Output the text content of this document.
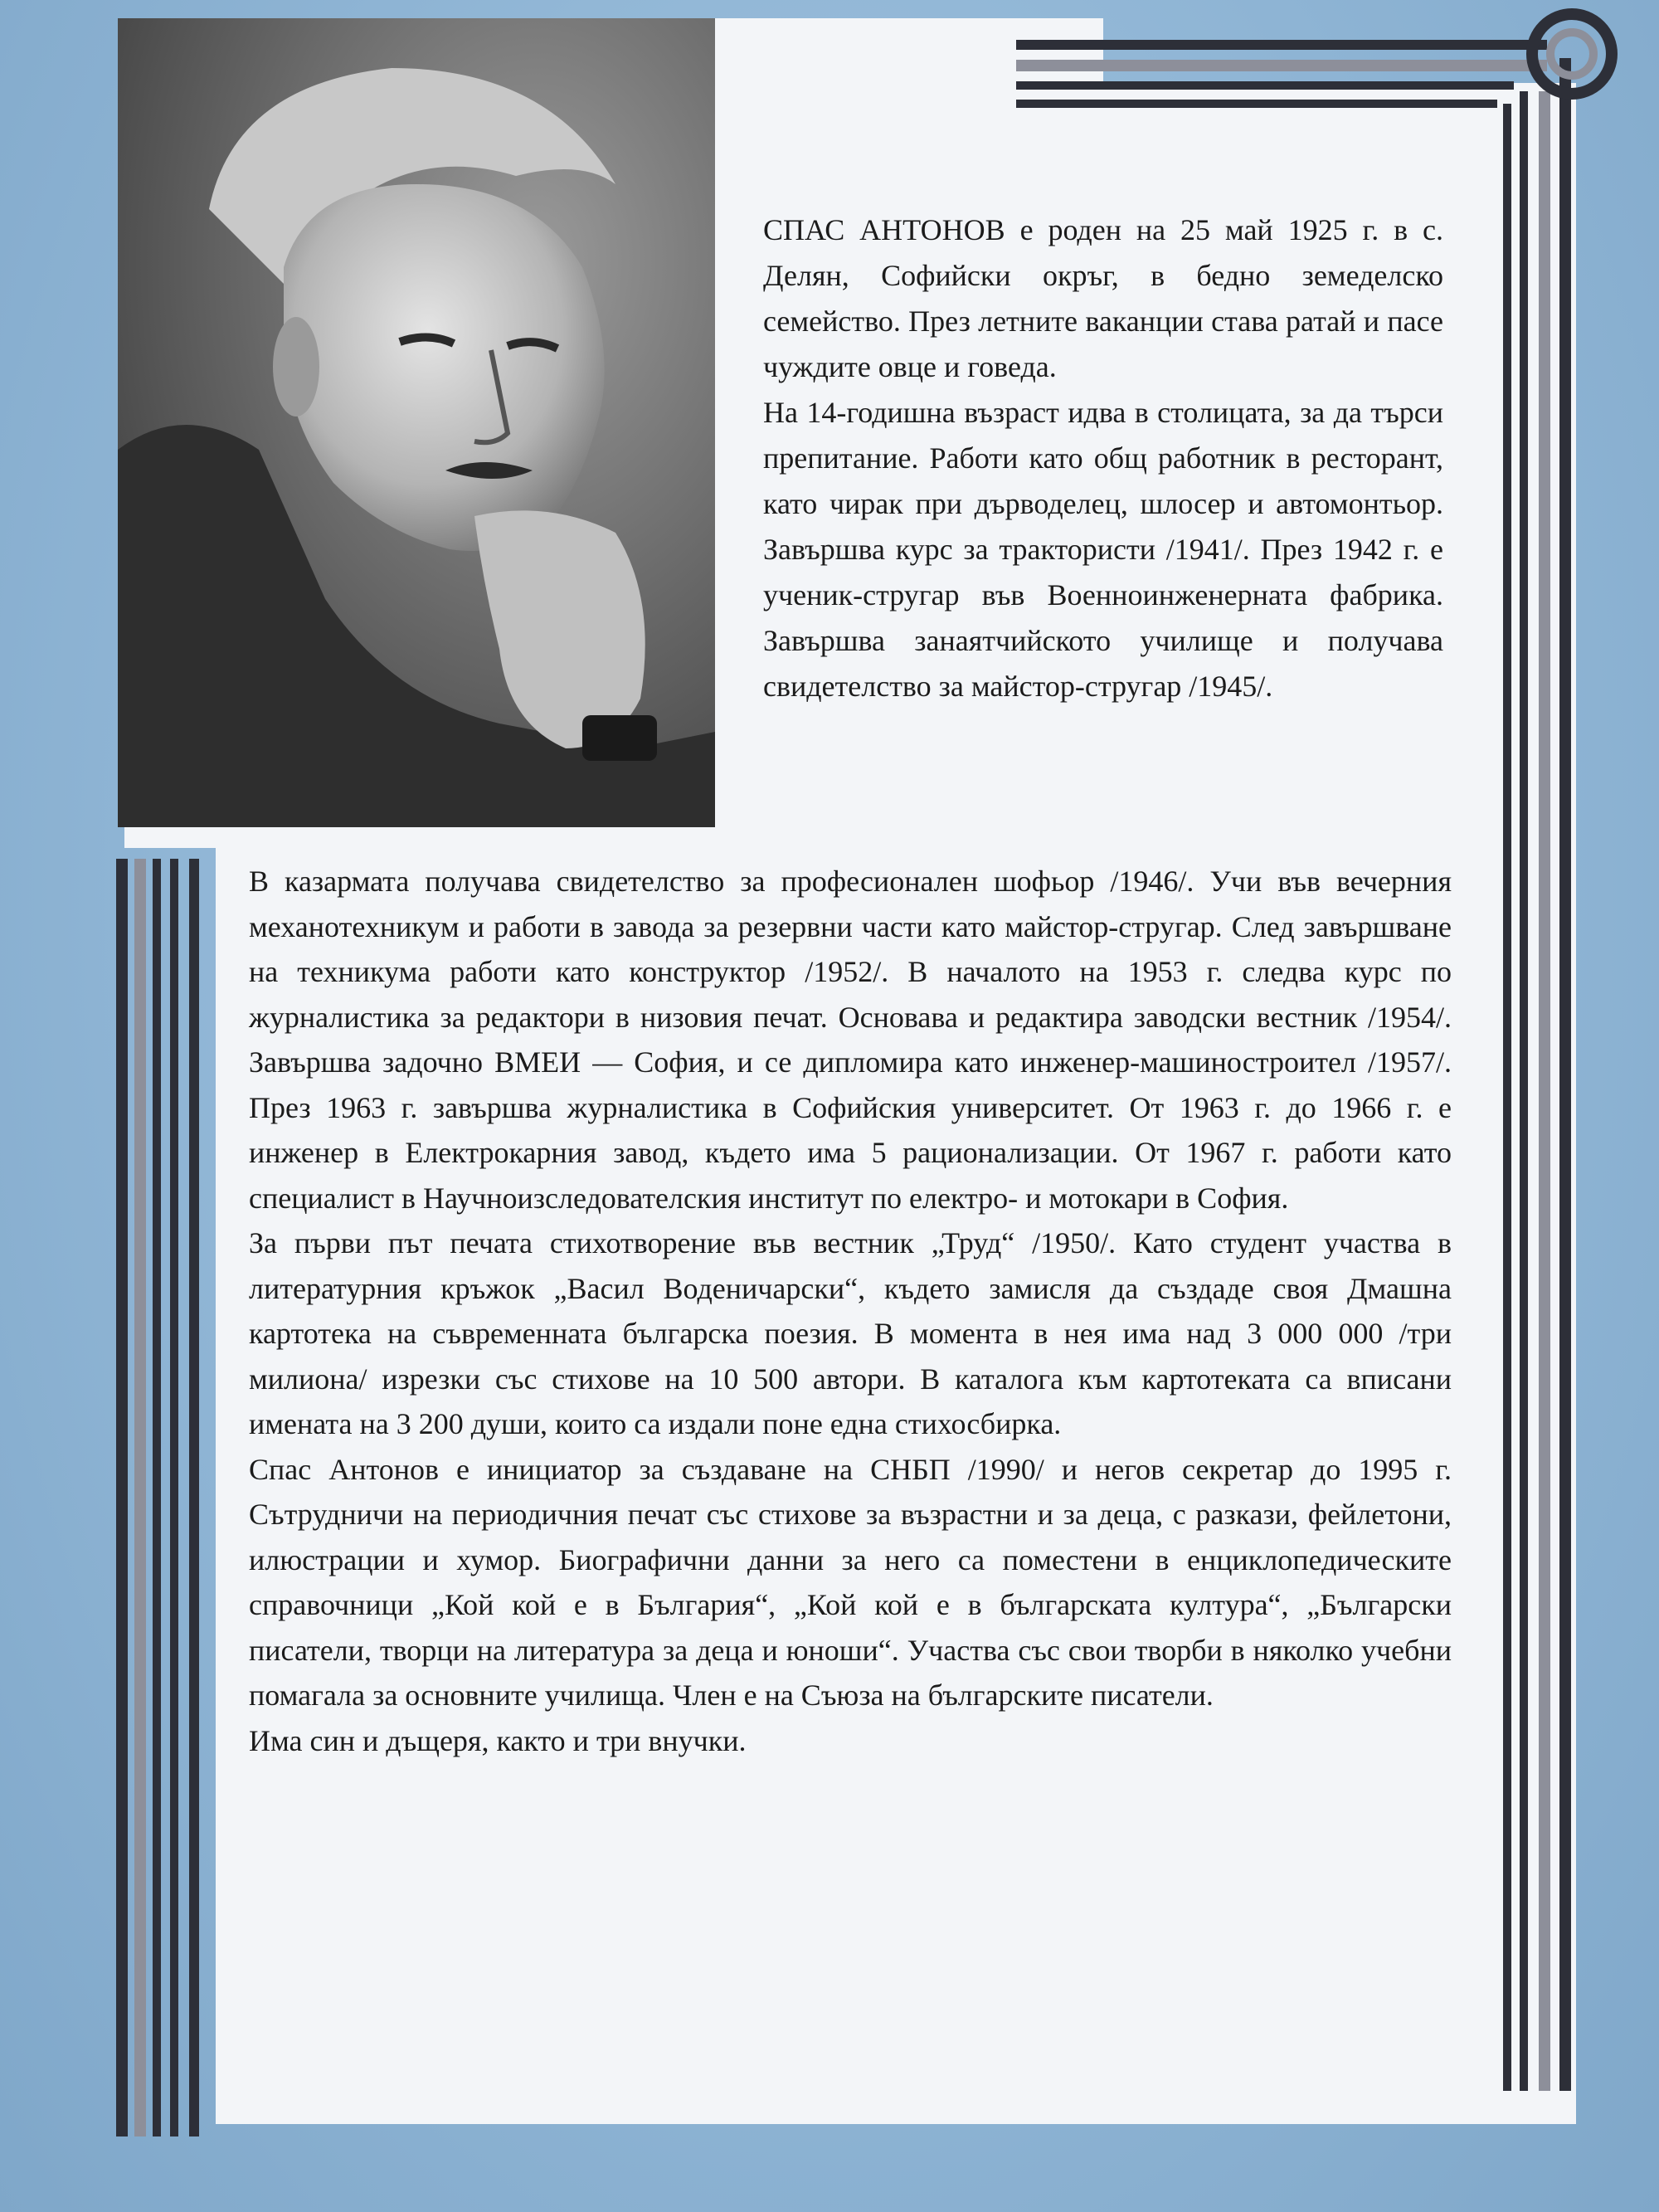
СПАС АНТОНОВ е роден на 25 май 1925 г. в с. Делян, Софийски окръг, в бедно земеделско семейство. През летните ваканции става ратай и пасе чуждите овце и говеда.

На 14-годишна възраст идва в столицата, за да търси препитание. Работи като общ работник в ресторант, като чирак при дърводелец, шлосер и автомонтьор. Завършва курс за трактористи /1941/. През 1942 г. е ученик-стругар във Военноинженерната фабрика. Завършва занаятчийското училище и получава свидетелство за майстор-стругар /1945/.

В казармата получава свидетелство за професионален шофьор /1946/. Учи във вечерния механотехникум и работи в завода за резервни части като майстор-стругар. След завършване на техникума работи като конструктор /1952/. В началото на 1953 г. следва курс по журналистика за редактори в низовия печат. Основава и редактира заводски вестник /1954/. Завършва задочно ВМЕИ — София, и се дипломира като инженер-машиностроител /1957/. През 1963 г. завършва журналистика в Софийския университет. От 1963 г. до 1966 г. е инженер в Електрокарния завод, където има 5 рационализации. От 1967 г. работи като специалист в Научноизследователския институт по електро- и мотокари в София.

За първи път печата стихотворение във вестник „Труд“ /1950/. Като студент участва в литературния кръжок „Васил Воденичарски“, където замисля да създаде своя Дмашна картотека на съвременната българска поезия. В момента в нея има над 3 000 000 /три милиона/ изрезки със стихове на 10 500 автори. В каталога към картотеката са вписани имената на 3 200 души, които са издали поне една стихосбирка.

Спас Антонов е инициатор за създаване на СНБП /1990/ и негов секретар до 1995 г. Сътрудничи на периодичния печат със стихове за възрастни и за деца, с разкази, фейлетони, илюстрации и хумор. Биографични данни за него са поместени в енциклопедическите справочници „Кой кой е в България“, „Кой кой е в българската култура“, „Български писатели, творци на литература за деца и юноши“. Участва със свои творби в няколко учебни помагала за основните училища. Член е на Съюза на българските писатели.

Има син и дъщеря, както и три внучки.
